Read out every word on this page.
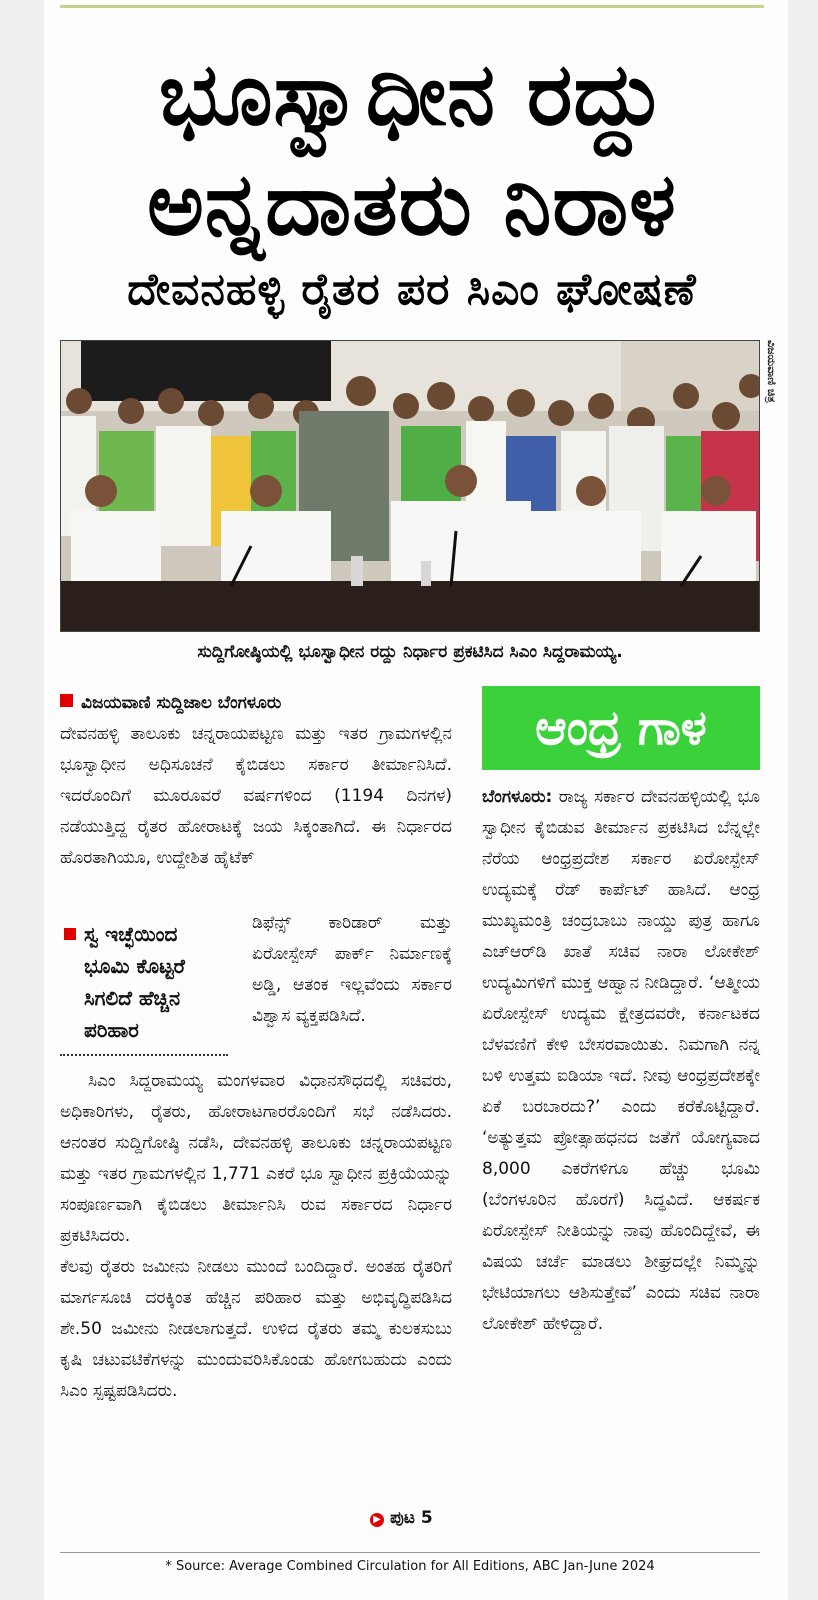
ಭೂಸ್ವಾಧೀನ ರದ್ದು
ಅನ್ನದಾತರು ನಿರಾಳ
ದೇವನಹಳ್ಳಿ ರೈತರ ಪರ ಸಿಎಂ ಘೋಷಣೆ
ವಿಜಯವಾಣಿ ಚಿತ್ರ
ಸುದ್ದಿಗೋಷ್ಠಿಯಲ್ಲಿ ಭೂಸ್ವಾಧೀನ ರದ್ದು ನಿರ್ಧಾರ ಪ್ರಕಟಿಸಿದ ಸಿಎಂ ಸಿದ್ದರಾಮಯ್ಯ.
ವಿಜಯವಾಣಿ ಸುದ್ದಿಜಾಲ ಬೆಂಗಳೂರು

ದೇವನಹಳ್ಳಿ ತಾಲೂಕು ಚನ್ನರಾಯಪಟ್ಟಣ ಮತ್ತು ಇತರ ಗ್ರಾಮಗಳಲ್ಲಿನ ಭೂಸ್ವಾಧೀನ ಅಧಿಸೂಚನೆ ಕೈಬಿಡಲು ಸರ್ಕಾರ ತೀರ್ಮಾನಿಸಿದೆ. ಇದರೊಂದಿಗೆ ಮೂರೂವರೆ ವರ್ಷಗಳಿಂದ (1194 ದಿನಗಳ) ನಡೆಯುತ್ತಿದ್ದ ರೈತರ ಹೋರಾಟಕ್ಕೆ ಜಯ ಸಿಕ್ಕಂತಾಗಿದೆ. ಈ ನಿರ್ಧಾರದ ಹೊರತಾಗಿಯೂ, ಉದ್ದೇಶಿತ ಹೈಟೆಕ್

ಸ್ವ ಇಚ್ಛೆಯಿಂದ ಭೂಮಿ ಕೊಟ್ಟರೆ ಸಿಗಲಿದೆ ಹೆಚ್ಚಿನ ಪರಿಹಾರ

ಡಿಫೆನ್ಸ್ ಕಾರಿಡಾರ್ ಮತ್ತು ಏರೋಸ್ಪೇಸ್ ಪಾರ್ಕ್ ನಿರ್ಮಾಣಕ್ಕೆ ಅಡ್ಡಿ, ಆತಂಕ ಇಲ್ಲವೆಂದು ಸರ್ಕಾರ ವಿಶ್ವಾಸ ವ್ಯಕ್ತಪಡಿಸಿದೆ.

ಸಿಎಂ ಸಿದ್ದರಾಮಯ್ಯ ಮಂಗಳವಾರ ವಿಧಾನಸೌಧದಲ್ಲಿ ಸಚಿವರು, ಅಧಿಕಾರಿಗಳು, ರೈತರು, ಹೋರಾಟಗಾರರೊಂದಿಗೆ ಸಭೆ ನಡೆಸಿದರು. ಆನಂತರ ಸುದ್ದಿಗೋಷ್ಠಿ ನಡೆಸಿ, ದೇವನಹಳ್ಳಿ ತಾಲೂಕು ಚನ್ನರಾಯಪಟ್ಟಣ ಮತ್ತು ಇತರ ಗ್ರಾಮಗಳಲ್ಲಿನ 1,771 ಎಕರೆ ಭೂ ಸ್ವಾಧೀನ ಪ್ರಕ್ರಿಯೆಯನ್ನು ಸಂಪೂರ್ಣವಾಗಿ ಕೈಬಿಡಲು ತೀರ್ಮಾನಿಸಿ ರುವ ಸರ್ಕಾರದ ನಿರ್ಧಾರ ಪ್ರಕಟಿಸಿದರು.

ಕೆಲವು ರೈತರು ಜಮೀನು ನೀಡಲು ಮುಂದೆ ಬಂದಿದ್ದಾರೆ. ಅಂತಹ ರೈತರಿಗೆ ಮಾರ್ಗಸೂಚಿ ದರಕ್ಕಿಂತ ಹೆಚ್ಚಿನ ಪರಿಹಾರ ಮತ್ತು ಅಭಿವೃದ್ಧಿಪಡಿಸಿದ ಶೇ.50 ಜಮೀನು ನೀಡಲಾಗುತ್ತದೆ. ಉಳಿದ ರೈತರು ತಮ್ಮ ಕುಲಕಸುಬು ಕೃಷಿ ಚಟುವಟಿಕೆಗಳನ್ನು ಮುಂದುವರಿಸಿಕೊಂಡು ಹೋಗಬಹುದು ಎಂದು ಸಿಎಂ ಸ್ಪಷ್ಟಪಡಿಸಿದರು.

▶ ಪುಟ 5
ಆಂಧ್ರ ಗಾಳ

ಬೆಂಗಳೂರು: ರಾಜ್ಯ ಸರ್ಕಾರ ದೇವನಹಳ್ಳಿಯಲ್ಲಿ ಭೂ ಸ್ವಾಧೀನ ಕೈಬಿಡುವ ತೀರ್ಮಾನ ಪ್ರಕಟಿಸಿದ ಬೆನ್ನಲ್ಲೇ ನೆರೆಯ ಆಂಧ್ರಪ್ರದೇಶ ಸರ್ಕಾರ ಏರೋಸ್ಪೇಸ್ ಉದ್ಯಮಕ್ಕೆ ರೆಡ್ ಕಾರ್ಪೆಟ್ ಹಾಸಿದೆ. ಆಂಧ್ರ ಮುಖ್ಯಮಂತ್ರಿ ಚಂದ್ರಬಾಬು ನಾಯ್ಡು ಪುತ್ರ ಹಾಗೂ ಎಚ್‌ಆರ್‌ಡಿ ಖಾತೆ ಸಚಿವ ನಾರಾ ಲೋಕೇಶ್ ಉದ್ಯಮಿಗಳಿಗೆ ಮುಕ್ತ ಆಹ್ವಾನ ನೀಡಿದ್ದಾರೆ. ‘ಆತ್ಮೀಯ ಏರೋಸ್ಪೇಸ್ ಉದ್ಯಮ ಕ್ಷೇತ್ರದವರೇ, ಕರ್ನಾಟಕದ ಬೆಳವಣಿಗೆ ಕೇಳಿ ಬೇಸರವಾಯಿತು. ನಿಮಗಾಗಿ ನನ್ನ ಬಳಿ ಉತ್ತಮ ಐಡಿಯಾ ಇದೆ. ನೀವು ಆಂಧ್ರಪ್ರದೇಶಕ್ಕೇ ಏಕೆ ಬರಬಾರದು?’ ಎಂದು ಕರೆಕೊಟ್ಟಿದ್ದಾರೆ. ‘ಅತ್ಯುತ್ತಮ ಪ್ರೋತ್ಸಾಹಧನದ ಜತೆಗೆ ಯೋಗ್ಯವಾದ 8,000 ಎಕರೆಗಳಿಗೂ ಹೆಚ್ಚು ಭೂಮಿ (ಬೆಂಗಳೂರಿನ ಹೊರಗೆ) ಸಿದ್ಧವಿದೆ. ಆಕರ್ಷಕ ಏರೋಸ್ಪೇಸ್ ನೀತಿಯನ್ನು ನಾವು ಹೊಂದಿದ್ದೇವೆ, ಈ ವಿಷಯ ಚರ್ಚೆ ಮಾಡಲು ಶೀಘ್ರದಲ್ಲೇ ನಿಮ್ಮನ್ನು ಭೇಟಿಯಾಗಲು ಆಶಿಸುತ್ತೇವೆ’ ಎಂದು ಸಚಿವ ನಾರಾ ಲೋಕೇಶ್ ಹೇಳಿದ್ದಾರೆ.

* Source: Average Combined Circulation for All Editions, ABC Jan-June 2024
